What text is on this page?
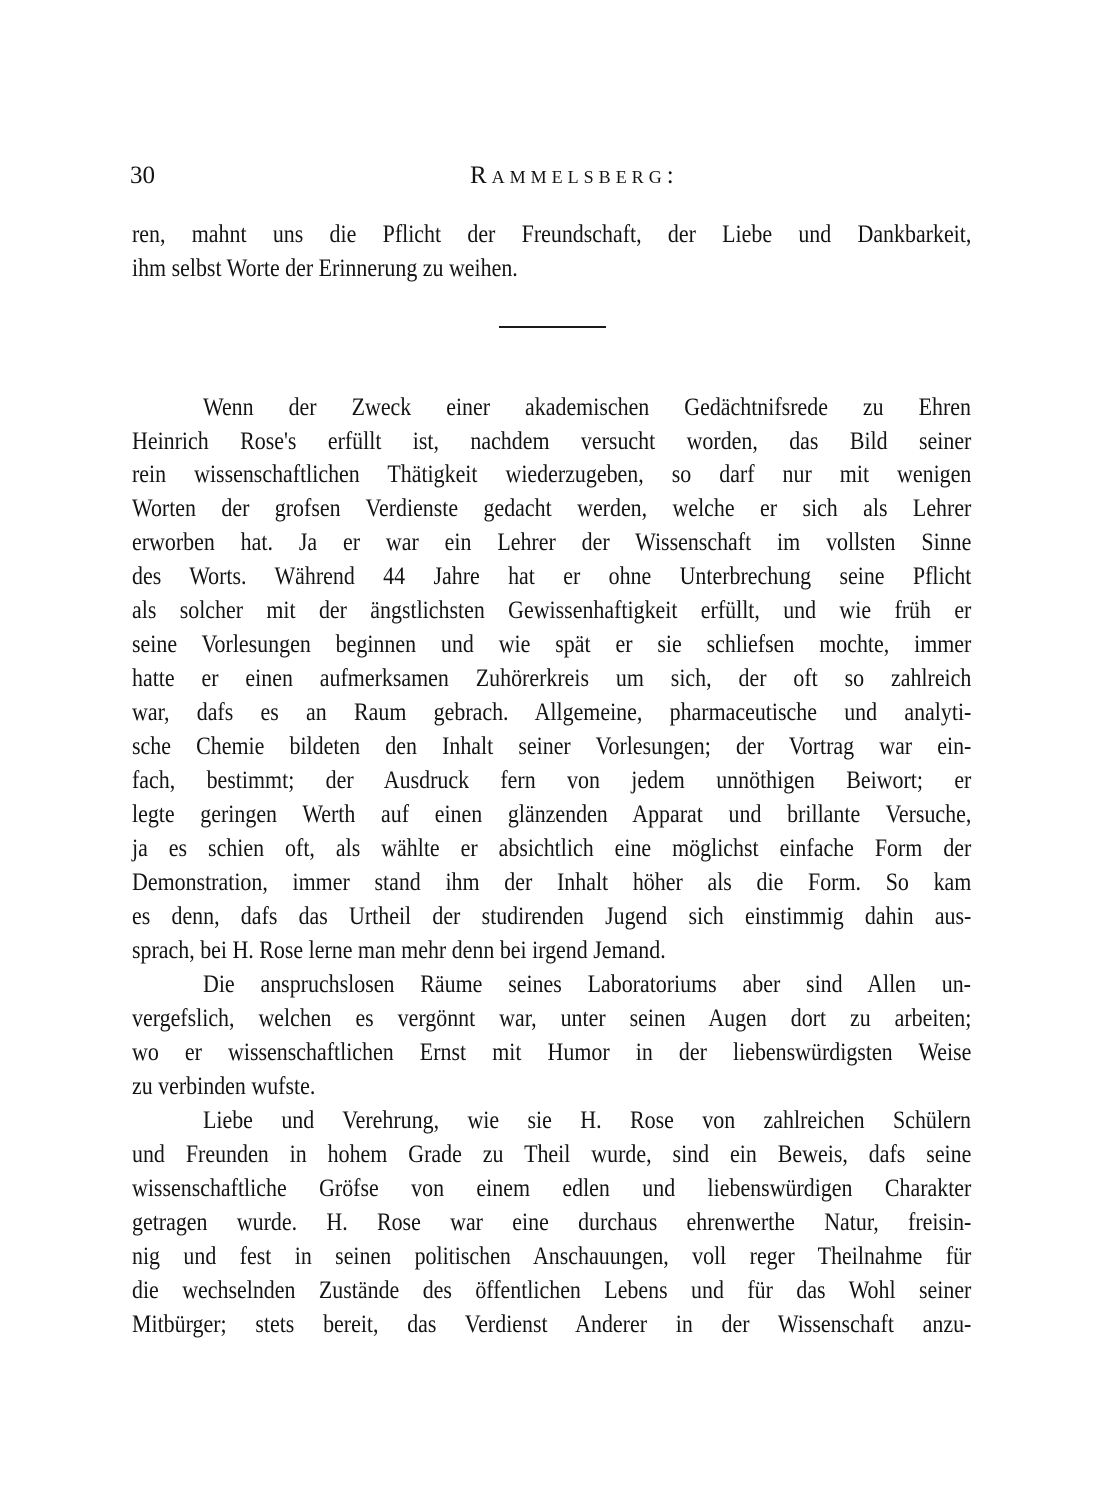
30	Rammelsberg:
ren, mahnt uns die Pflicht der Freundschaft, der Liebe und Dankbarkeit,
ihm selbst Worte der Erinnerung zu weihen.
Wenn der Zweck einer akademischen Gedächtnifsrede zu Ehren
Heinrich Rose's erfüllt ist, nachdem versucht worden, das Bild seiner
rein wissenschaftlichen Thätigkeit wiederzugeben, so darf nur mit wenigen
Worten der grofsen Verdienste gedacht werden, welche er sich als Lehrer
erworben hat. Ja er war ein Lehrer der Wissenschaft im vollsten Sinne
des Worts. Während 44 Jahre hat er ohne Unterbrechung seine Pflicht
als solcher mit der ängstlichsten Gewissenhaftigkeit erfüllt, und wie früh er
seine Vorlesungen beginnen und wie spät er sie schliefsen mochte, immer
hatte er einen aufmerksamen Zuhörerkreis um sich, der oft so zahlreich
war, dafs es an Raum gebrach. Allgemeine, pharmaceutische und analyti-
sche Chemie bildeten den Inhalt seiner Vorlesungen; der Vortrag war ein-
fach, bestimmt; der Ausdruck fern von jedem unnöthigen Beiwort; er
legte geringen Werth auf einen glänzenden Apparat und brillante Versuche,
ja es schien oft, als wählte er absichtlich eine möglichst einfache Form der
Demonstration, immer stand ihm der Inhalt höher als die Form. So kam
es denn, dafs das Urtheil der studirenden Jugend sich einstimmig dahin aus-
sprach, bei H. Rose lerne man mehr denn bei irgend Jemand.
Die anspruchslosen Räume seines Laboratoriums aber sind Allen un-
vergefslich, welchen es vergönnt war, unter seinen Augen dort zu arbeiten;
wo er wissenschaftlichen Ernst mit Humor in der liebenswürdigsten Weise
zu verbinden wufste.
Liebe und Verehrung, wie sie H. Rose von zahlreichen Schülern
und Freunden in hohem Grade zu Theil wurde, sind ein Beweis, dafs seine
wissenschaftliche Gröfse von einem edlen und liebenswürdigen Charakter
getragen wurde. H. Rose war eine durchaus ehrenwerthe Natur, freisin-
nig und fest in seinen politischen Anschauungen, voll reger Theilnahme für
die wechselnden Zustände des öffentlichen Lebens und für das Wohl seiner
Mitbürger; stets bereit, das Verdienst Anderer in der Wissenschaft anzu-
